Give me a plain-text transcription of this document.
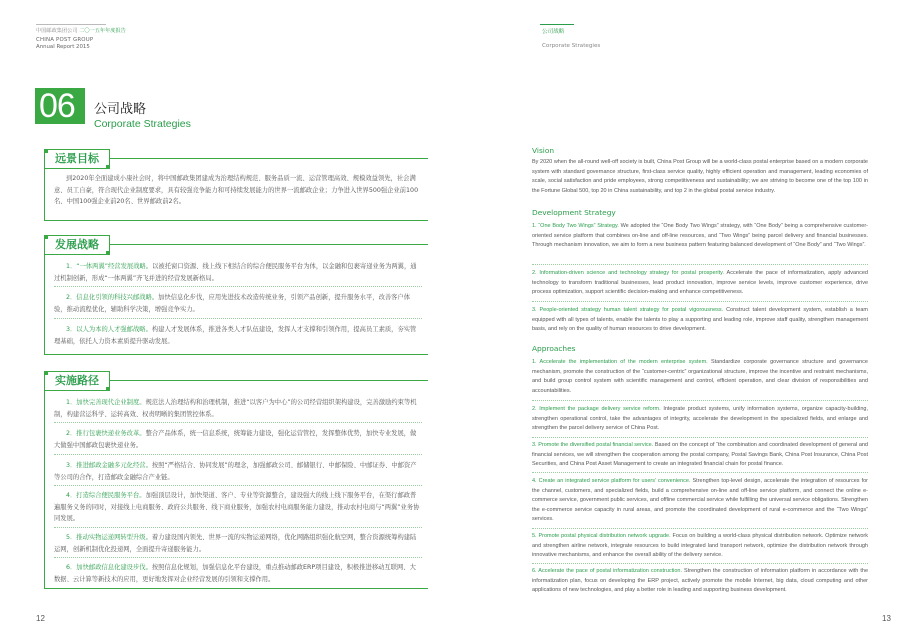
中国邮政集团公司 二〇一五年年度报告
CHINA POST GROUP
Annual Report 2015
06 公司战略
Corporate Strategies
远景目标
到2020年全面建成小康社会时，将中国邮政集团建成为治理结构规范、服务品质一流、运营管理高效、规模效益领先，社会满意、员工自豪，符合现代企业制度要求，具有较强竞争能力和可持续发展能力的世界一流邮政企业；力争进入世界500强企业前100名、中国100强企业前20名、世界邮政前2名。
发展战略
1．“一体两翼”经营发展战略。以被托窗口资源、线上线下相结合的综合便民服务平台为体，以金融和包裹寄递业务为两翼，通过机制创新，形成“一体两翼”齐飞并进的经营发展新格局。
2．信息化引领的科技兴邮战略。加快信息化步伐，应用先进技术改造传统业务，引领产品创新，提升服务水平，改善客户体验，推动流程优化，辅助科学决策，增强竞争实力。
3．以人为本的人才强邮战略。构建人才发展体系，推进各类人才队伍建设，发挥人才支撑和引领作用，提高员工素质，夯实管理基础，依托人力资本素质提升驱动发展。
实施路径
1．加快完善现代企业制度。规范法人治理结构和治理机制，推进“以客户为中心”的公司经营组织架构建设，完善激励约束等机制，构建营运科学、运转高效、权责明晰的集团管控体系。
2．推行包裹快递业务改革。整合产品体系，统一信息系统，统筹能力建设，强化运营管控，发挥整体优势，加快专业发展，做大做强中国邮政包裹快递业务。
3．推进邮政金融多元化经营。按照“严格结合、协同发展”的理念，加强邮政公司、邮储银行、中邮保险、中邮证券、中邮资产等公司的合作，打造邮政金融综合产业链。
4．打造综合便民服务平台。加强顶层设计，加快渠道、客户、专业等资源整合，建设强大的线上线下服务平台，在渠行邮政普遍服务义务的同时，对接线上电商服务、政府公共服务、线下商业服务，加强农村电商服务能力建设，推动农村电商与“两翼”业务协同发展。
5．推动实物运递网转型升级。着力建设国内领先、世界一流的实物运递网络，优化网路组织强化航空网，整合资源统筹构建陆运网，创新机制优化投递网，全面提升寄递服务能力。
6．加快邮政信息化建设步伐。按照信息化规划，加强信息化平台建设，重点推动邮政ERP项目建设，积极推进移动互联网、大数据、云计算等新技术的应用，更好地发挥对企业经营发展的引领和支撑作用。
12
公司战略
Corporate Strategies
Vision
By 2020 when the all-round well-off society is built, China Post Group will be a world-class postal enterprise based on a modern corporate system with standard governance structure, first-class service quality, highly efficient operation and management, leading economies of scale, social satisfaction and pride employees, strong competitiveness and sustainability; we are striving to become one of the top 100 in the Fortune Global 500, top 20 in China sustainability, and top 2 in the global postal service industry.
Development Strategy
1. “One Body Two Wings” Strategy. We adopted the “One Body Two Wings” strategy, with “One Body” being a comprehensive customer-oriented service platform that combines on-line and off-line resources, and “Two Wings” being parcel delivery and financial businesses. Through mechanism innovation, we aim to form a new business pattern featuring balanced development of “One Body” and “Two Wings”.
2. Information-driven science and technology strategy for postal prosperity. Accelerate the pace of informatization, apply advanced technology to transform traditional businesses, lead product innovation, improve service levels, improve customer experience, drive process optimization, support scientific decision-making and enhance competitiveness.
3. People-oriented strategy human talent strategy for postal vigorousness. Construct talent development system, establish a team equipped with all types of talents, enable the talents to play a supporting and leading role, improve staff quality, strengthen management basis, and rely on the quality of human resources to drive development.
Approaches
1. Accelerate the implementation of the modern enterprise system. Standardize corporate governance structure and governance mechanism, promote the construction of the “customer-centric” organizational structure, improve the incentive and restraint mechanisms, and build group control system with scientific management and control, efficient operation, and clear division of responsibilities and accountabilities.
2. Implement the package delivery service reform. Integrate product systems, unify information systems, organize capacity-building, strengthen operational control, take the advantages of integrity, accelerate the development in the specialized fields, and enlarge and strengthen the parcel delivery service of China Post.
3. Promote the diversified postal financial service. Based on the concept of “the combination and coordinated development of general and financial services, we will strengthen the cooperation among the postal company, Postal Savings Bank, China Post Insurance, China Post Securities, and China Post Asset Management to create an integrated financial chain for postal finance.
4. Create an integrated service platform for users’ convenience. Strengthen top-level design, accelerate the integration of resources for the channel, customers, and specialized fields, build a comprehensive on-line and off-line service platform, and connect the online e-commerce service, government public services, and offline commercial service while fulfilling the universal service obligations. Strengthen the e-commerce service capacity in rural areas, and promote the coordinated development of rural e-commerce and the “Two Wings” services.
5. Promote postal physical distribution network upgrade. Focus on building a world-class physical distribution network. Optimize network and strengthen airline network, integrate resources to build integrated land transport network, optimize the distribution network through innovative mechanisms, and enhance the overall ability of the delivery service.
6. Accelerate the pace of postal informatization construction. Strengthen the construction of information platform in accordance with the informatization plan, focus on developing the ERP project, actively promote the mobile Internet, big data, cloud computing and other applications of new technologies, and play a better role in leading and supporting business development.
13
